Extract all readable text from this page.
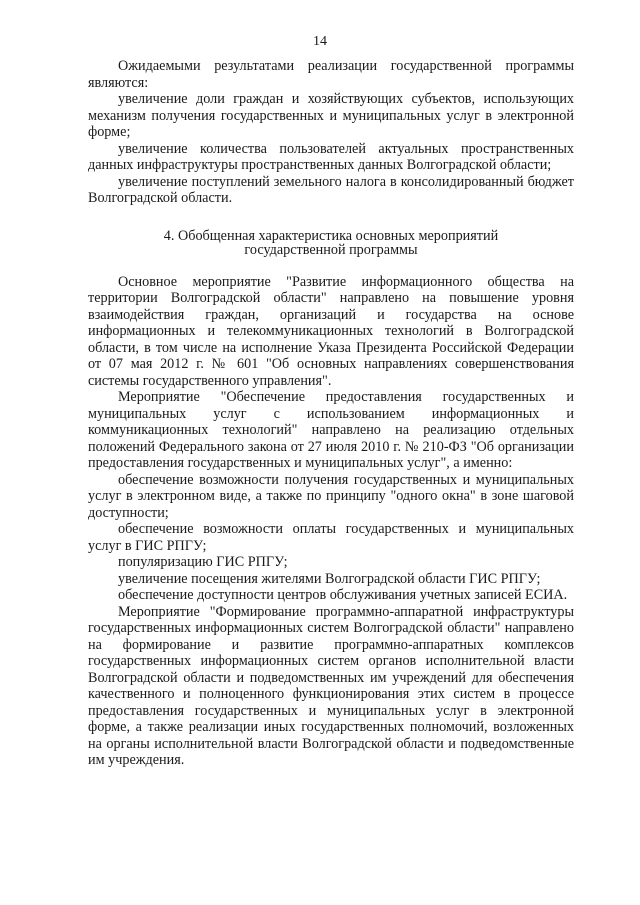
14

Ожидаемыми результатами реализации государственной программы являются:

увеличение доли граждан и хозяйствующих субъектов, использующих механизм получения государственных и муниципальных услуг в электронной форме;

увеличение количества пользователей актуальных пространственных данных инфраструктуры пространственных данных Волгоградской области;

увеличение поступлений земельного налога в консолидированный бюджет Волгоградской области.

4. Обобщенная характеристика основных мероприятий
государственной программы

Основное мероприятие "Развитие информационного общества на территории Волгоградской области" направлено на повышение уровня взаимодействия граждан, организаций и государства на основе информационных и телекоммуникационных технологий в Волгоградской области, в том числе на исполнение Указа Президента Российской Федерации от 07 мая 2012 г. № 601 "Об основных направлениях совершенствования системы государственного управления".

Мероприятие "Обеспечение предоставления государственных и муниципальных услуг с использованием информационных и коммуникационных технологий" направлено на реализацию отдельных положений Федерального закона от 27 июля 2010 г. № 210-ФЗ "Об организации предоставления государственных и муниципальных услуг", а именно:

обеспечение возможности получения государственных и муниципальных услуг в электронном виде, а также по принципу "одного окна" в зоне шаговой доступности;

обеспечение возможности оплаты государственных и муниципальных услуг в ГИС РПГУ;

популяризацию ГИС РПГУ;

увеличение посещения жителями Волгоградской области ГИС РПГУ;

обеспечение доступности центров обслуживания учетных записей ЕСИА.

Мероприятие "Формирование программно-аппаратной инфраструктуры государственных информационных систем Волгоградской области" направлено на формирование и развитие программно-аппаратных комплексов государственных информационных систем органов исполнительной власти Волгоградской области и подведомственных им учреждений для обеспечения качественного и полноценного функционирования этих систем в процессе предоставления государственных и муниципальных услуг в электронной форме, а также реализации иных государственных полномочий, возложенных на органы исполнительной власти Волгоградской области и подведомственные им учреждения.
